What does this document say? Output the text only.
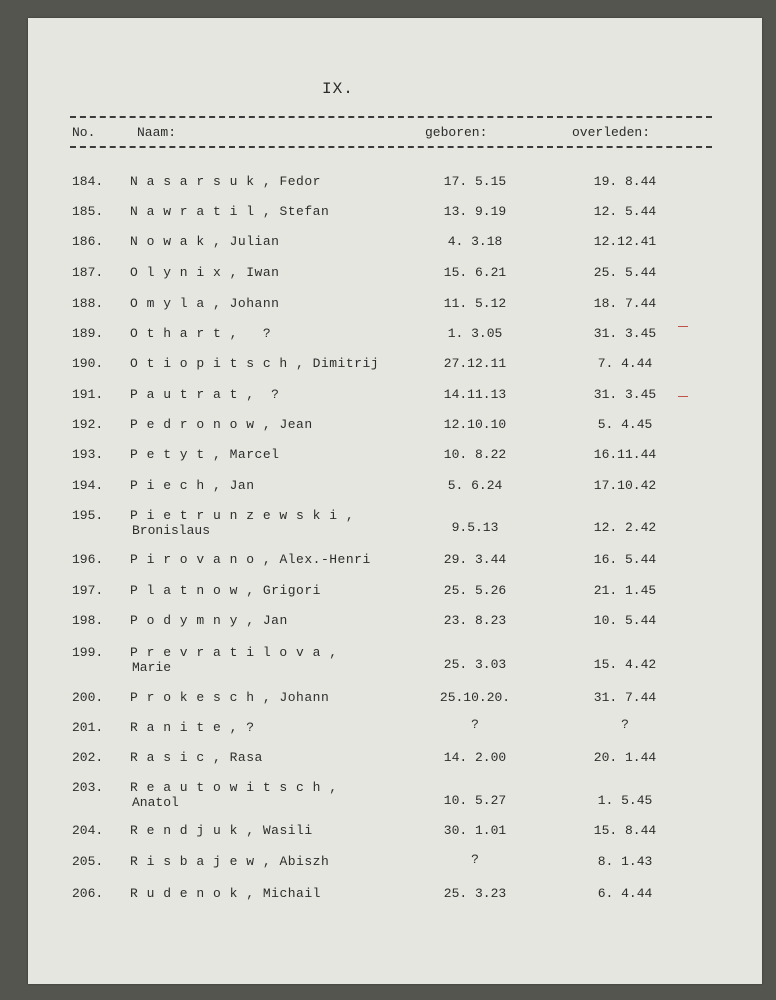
IX.
No.	Naam:	geboren:	overleden:
184.	N a s a r s u k , Fedor	17. 5.15	19. 8.44
185.	N a w r a t i l , Stefan	13. 9.19	12. 5.44
186.	N o w a k , Julian	4. 3.18	12.12.41
187.	O l y n i x , Iwan	15. 6.21	25. 5.44
188.	O m y l a , Johann	11. 5.12	18. 7.44
189.	O t h a r t ,   ?	1. 3.05	31. 3.45
190.	O t i o p i t s c h , Dimitrij	27.12.11	7. 4.44
191.	P a u t r a t ,  ?	14.11.13	31. 3.45
192.	P e d r o n o w , Jean	12.10.10	5. 4.45
193.	P e t y t , Marcel	10. 8.22	16.11.44
194.	P i e c h , Jan	5. 6.24	17.10.42
195.	P i e t r u n z e w s k i ,
Bronislaus	9.5.13	12. 2.42
196.	P i r o v a n o , Alex.-Henri	29. 3.44	16. 5.44
197.	P l a t n o w , Grigori	25. 5.26	21. 1.45
198.	P o d y m n y , Jan	23. 8.23	10. 5.44
199.	P r e v r a t i l o v a ,
Marie	25. 3.03	15. 4.42
200.	P r o k e s c h , Johann	25.10.20.	31. 7.44
201.	R a n i t e , ?	?	?
202.	R a s i c , Rasa	14. 2.00	20. 1.44
203.	R e a u t o w i t s c h ,
Anatol	10. 5.27	1. 5.45
204.	R e n d j u k , Wasili	30. 1.01	15. 8.44
205.	R i s b a j e w , Abiszh	?	8. 1.43
206.	R u d e n o k , Michail	25. 3.23	6. 4.44
